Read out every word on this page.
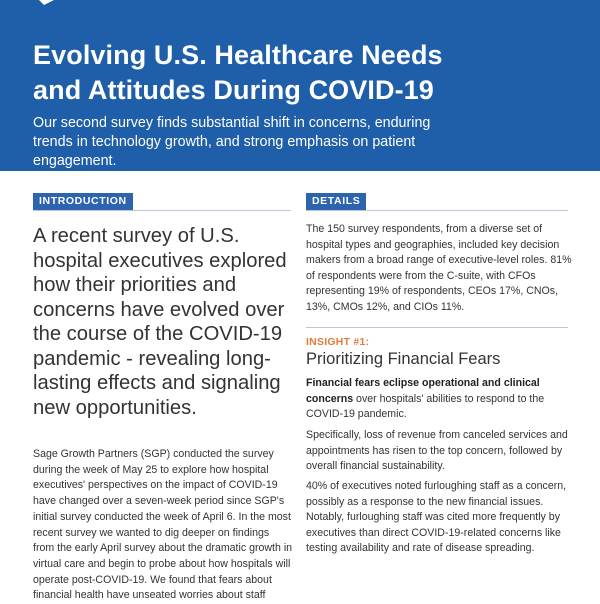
Evolving U.S. Healthcare Needs and Attitudes During COVID-19

Our second survey finds substantial shift in concerns, enduring trends in technology growth, and strong emphasis on patient engagement.

INTRODUCTION

A recent survey of U.S. hospital executives explored how their priorities and concerns have evolved over the course of the COVID-19 pandemic - revealing long-lasting effects and signaling new opportunities.

Sage Growth Partners (SGP) conducted the survey during the week of May 25 to explore how hospital executives' perspectives on the impact of COVID-19 have changed over a seven-week period since SGP's initial survey conducted the week of April 6. In the most recent survey we wanted to dig deeper on findings from the early April survey about the dramatic growth in virtual care and begin to probe about how hospitals will operate post-COVID-19. We found that fears about financial health have unseated worries about staff

DETAILS

The 150 survey respondents, from a diverse set of hospital types and geographies, included key decision makers from a broad range of executive-level roles. 81% of respondents were from the C-suite, with CFOs representing 19% of respondents, CEOs 17%, CNOs, 13%, CMOs 12%, and CIOs 11%.

INSIGHT #1:
Prioritizing Financial Fears

Financial fears eclipse operational and clinical concerns over hospitals' abilities to respond to the COVID-19 pandemic.

Specifically, loss of revenue from canceled services and appointments has risen to the top concern, followed by overall financial sustainability.

40% of executives noted furloughing staff as a concern, possibly as a response to the new financial issues. Notably, furloughing staff was cited more frequently by executives than direct COVID-19-related concerns like testing availability and rate of disease spreading.
